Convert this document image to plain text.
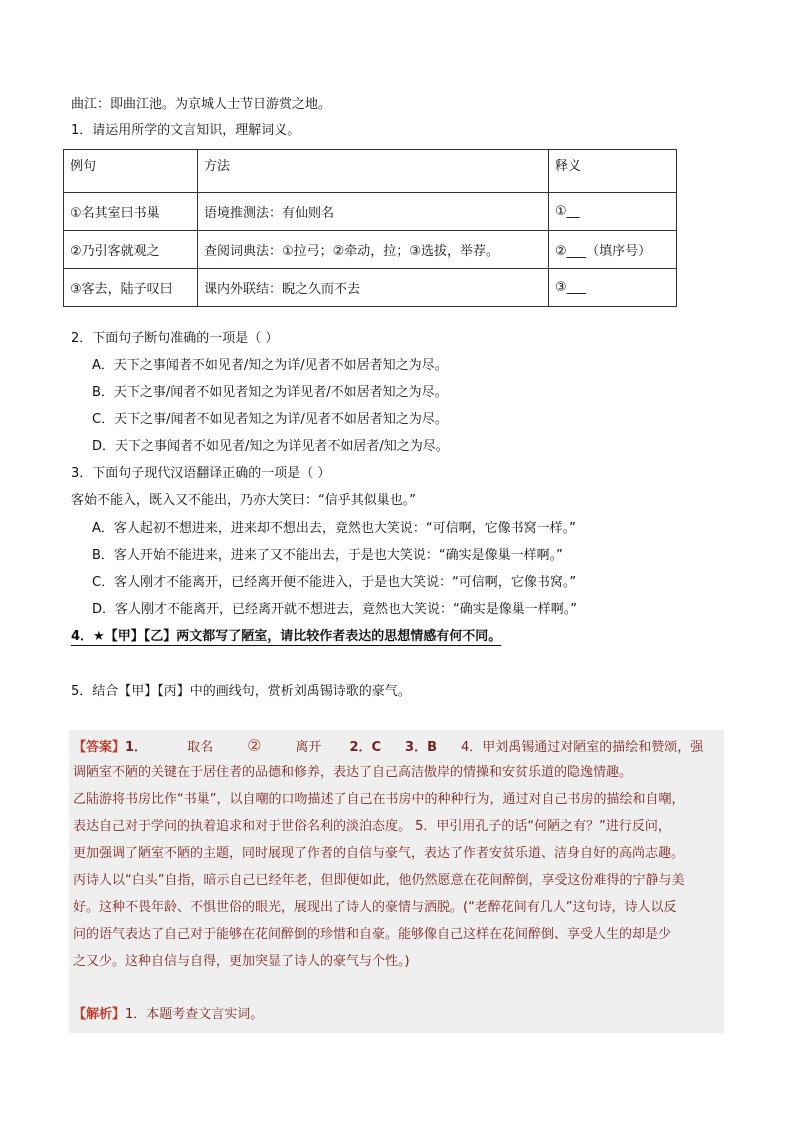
曲江：即曲江池。为京城人士节日游赏之地。
1．请运用所学的文言知识，理解词义。
例句	方法	释义
①名其室曰书巢	语境推测法：有仙则名	①__
②乃引客就观之	查阅词典法：①拉弓；②牵动，拉；③选拔，举荐。	②___（填序号）
③客去，陆子叹曰	课内外联结：睨之久而不去	③___
2．下面句子断句准确的一项是（ ）
A．天下之事闻者不如见者/知之为详/见者不如居者知之为尽。
B．天下之事/闻者不如见者知之为详见者/不如居者知之为尽。
C．天下之事/闻者不如见者知之为详/见者不如居者知之为尽。
D．天下之事闻者不如见者/知之为详见者不如居者/知之为尽。
3．下面句子现代汉语翻译正确的一项是（ ）
客始不能入，既入又不能出，乃亦大笑曰：“信乎其似巢也。”
A．客人起初不想进来，进来却不想出去，竟然也大笑说：“可信啊，它像书窝一样。”
B．客人开始不能进来，进来了又不能出去，于是也大笑说：“确实是像巢一样啊。”
C．客人刚才不能离开，已经离开便不能进入，于是也大笑说：“可信啊，它像书窝。”
D．客人刚才不能离开，已经离开就不想进去，竟然也大笑说：“确实是像巢一样啊。”
4．★【甲】【乙】两文都写了陋室，请比较作者表达的思想情感有何不同。
5．结合【甲】【丙】中的画线句，赏析刘禹锡诗歌的豪气。
【答案】1．	取名 ②	离开 2．C 3．B 4．甲刘禹锡通过对陋室的描绘和赞颂，强
调陋室不陋的关键在于居住者的品德和修养，表达了自己高洁傲岸的情操和安贫乐道的隐逸情趣。
乙陆游将书房比作“书巢”，以自嘲的口吻描述了自己在书房中的种种行为，通过对自己书房的描绘和自嘲，
表达自己对于学问的执着追求和对于世俗名利的淡泊态度。 5．甲引用孔子的话“何陋之有？”进行反问，
更加强调了陋室不陋的主题，同时展现了作者的自信与豪气，表达了作者安贫乐道、洁身自好的高尚志趣。
丙诗人以“白头”自指，暗示自己已经年老，但即便如此，他仍然愿意在花间醉倒，享受这份难得的宁静与美
好。这种不畏年龄、不惧世俗的眼光，展现出了诗人的豪情与洒脱。(“老醉花间有几人”这句诗，诗人以反
问的语气表达了自己对于能够在花间醉倒的珍惜和自豪。能够像自己这样在花间醉倒、享受人生的却是少
之又少。这种自信与自得，更加突显了诗人的豪气与个性。)
【解析】1．本题考查文言实词。
